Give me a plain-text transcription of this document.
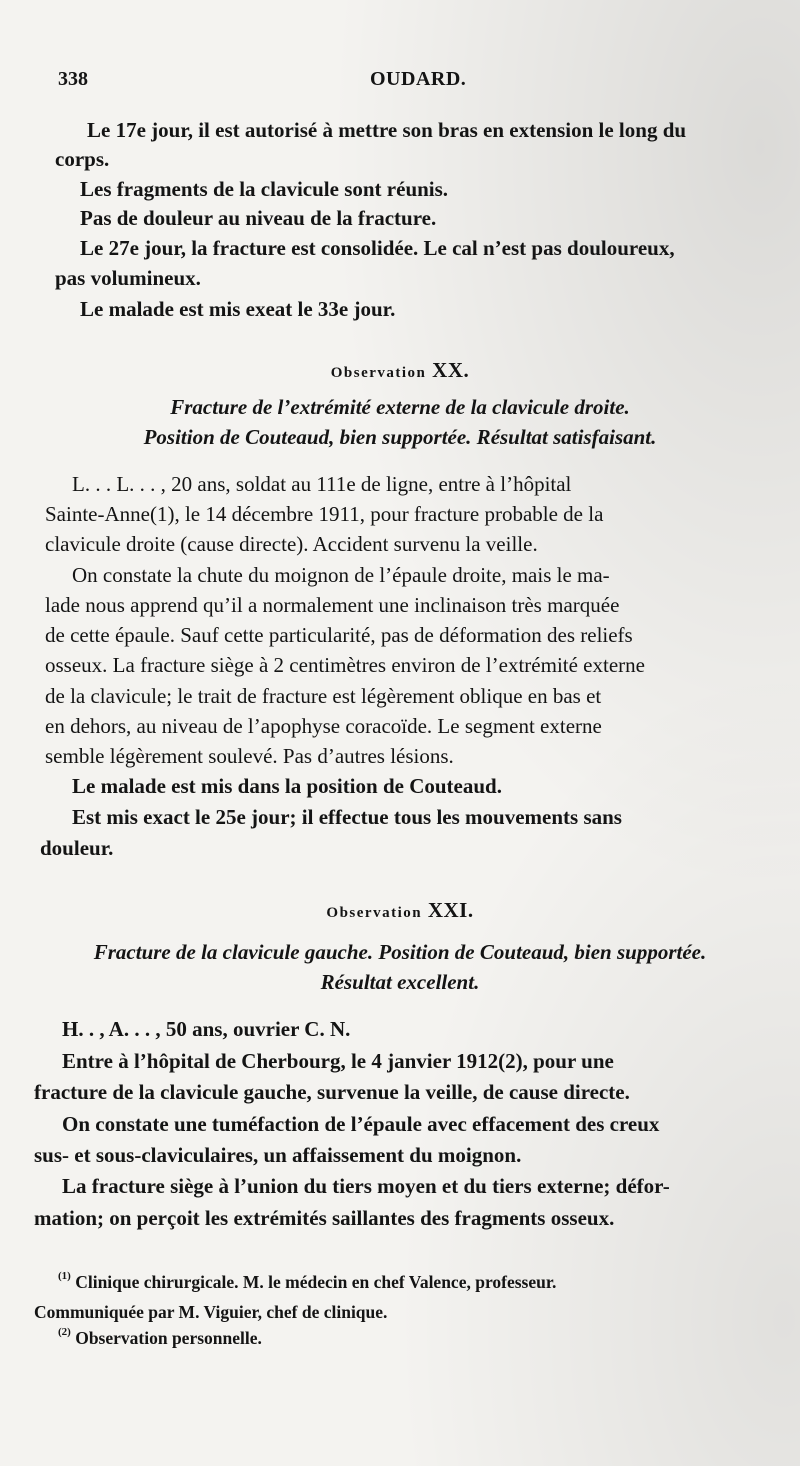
338	OUDARD.
Le 17e jour, il est autorisé à mettre son bras en extension le long du
corps.
Les fragments de la clavicule sont réunis.
Pas de douleur au niveau de la fracture.
Le 27e jour, la fracture est consolidée. Le cal n’est pas douloureux,
pas volumineux.
Le malade est mis exeat le 33e jour.
Observation XX.
Fracture de l’extrémité externe de la clavicule droite.
Position de Couteaud, bien supportée. Résultat satisfaisant.
L. . . L. . . , 20 ans, soldat au 111e de ligne, entre à l’hôpital
Sainte-Anne(1), le 14 décembre 1911, pour fracture probable de la
clavicule droite (cause directe). Accident survenu la veille.
On constate la chute du moignon de l’épaule droite, mais le ma-
lade nous apprend qu’il a normalement une inclinaison très marquée
de cette épaule. Sauf cette particularité, pas de déformation des reliefs
osseux. La fracture siège à 2 centimètres environ de l’extrémité externe
de la clavicule; le trait de fracture est légèrement oblique en bas et
en dehors, au niveau de l’apophyse coracoïde. Le segment externe
semble légèrement soulevé. Pas d’autres lésions.
Le malade est mis dans la position de Couteaud.
Est mis exact le 25e jour; il effectue tous les mouvements sans
douleur.
Observation XXI.
Fracture de la clavicule gauche. Position de Couteaud, bien supportée.
Résultat excellent.
H. . , A. . . , 50 ans, ouvrier C. N.
Entre à l’hôpital de Cherbourg, le 4 janvier 1912(2), pour une
fracture de la clavicule gauche, survenue la veille, de cause directe.
On constate une tuméfaction de l’épaule avec effacement des creux
sus- et sous-claviculaires, un affaissement du moignon.
La fracture siège à l’union du tiers moyen et du tiers externe; défor-
mation; on perçoit les extrémités saillantes des fragments osseux.
$^{(1)}$ Clinique chirurgicale. M. le médecin en chef Valence, professeur.
Communiquée par M. Viguier, chef de clinique.
$^{(2)}$ Observation personnelle.
